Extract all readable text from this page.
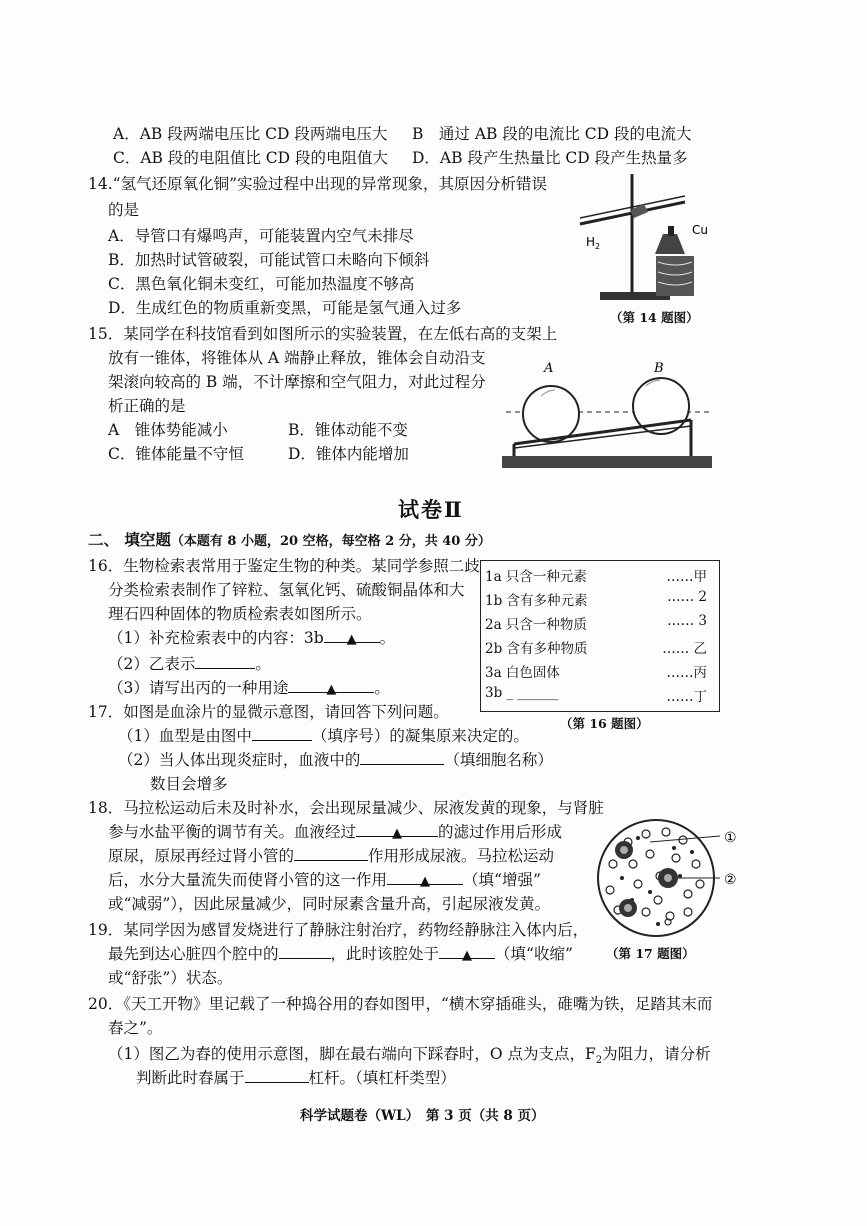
A．AB 段两端电压比 CD 段两端电压大 B　通过 AB 段的电流比 CD 段的电流大
C．AB 段的电阻值比 CD 段的电阻值大 D．AB 段产生热量比 CD 段产生热量多
14.“氢气还原氧化铜”实验过程中出现的异常现象，其原因分析错误
的是
A．导管口有爆鸣声，可能装置内空气未排尽
B．加热时试管破裂，可能试管口未略向下倾斜
C．黑色氧化铜未变红，可能加热温度不够高
D．生成红色的物质重新变黑，可能是氢气通入过多
$H_2$
Cu
（第 14 题图）
15．某同学在科技馆看到如图所示的实验装置，在左低右高的支架上
放有一锥体，将锥体从 A 端静止释放，锥体会自动沿支
架滚向较高的 B 端，不计摩擦和空气阻力，对此过程分
析正确的是
A　锥体势能减小	B．锥体动能不变
C．锥体能量不守恒	D．锥体内能增加
A	B
试卷Ⅱ
二、 填空题（本题有 8 小题，20 空格，每空格 2 分，共 40 分）
16．生物检索表常用于鉴定生物的种类。某同学参照二歧
分类检索表制作了锌粒、氢氧化钙、硫酸铜晶体和大
理石四种固体的物质检索表如图所示。
（1）补充检索表中的内容：3b ▲ 。
（2）乙表示	。
（3）请写出丙的一种用途	▲ 。
1a 只含一种元素	……甲
1b 含有多种元素	…… 2
2a 只含一种物质	…… 3
2b 含有多种物质	…… 乙
3a 白色固体	……丙
3b _ ______	……丁
（第 16 题图）
17．如图是血涂片的显微示意图，请回答下列问题。
（1）血型是由图中	（填序号）的凝集原来决定的。
（2）当人体出现炎症时，血液中的	（填细胞名称）
数目会增多
①
②
（第 17 题图）
18．马拉松运动后未及时补水，会出现尿量减少、尿液发黄的现象，与肾脏
参与水盐平衡的调节有关。血液经过	▲ 的滤过作用后形成
原尿，原尿再经过肾小管的	作用形成尿液。马拉松运动
后，水分大量流失而使肾小管的这一作用	▲ （填“增强”
或“减弱”），因此尿量减少，同时尿素含量升高，引起尿液发黄。
19．某同学因为感冒发烧进行了静脉注射治疗，药物经静脉注入体内后，
最先到达心脏四个腔中的	，此时该腔处于 ▲ （填“收缩”
或“舒张”）状态。
20．《天工开物》里记载了一种捣谷用的舂如图甲，“横木穿插碓头，碓嘴为铁，足踏其末而
舂之”。
（1）图乙为舂的使用示意图，脚在最右端向下踩舂时，O 点为支点，$F_2$为阻力，请分析
判断此时舂属于	杠杆。（填杠杆类型）
科学试题卷（WL）　第 3 页（共 8 页）
